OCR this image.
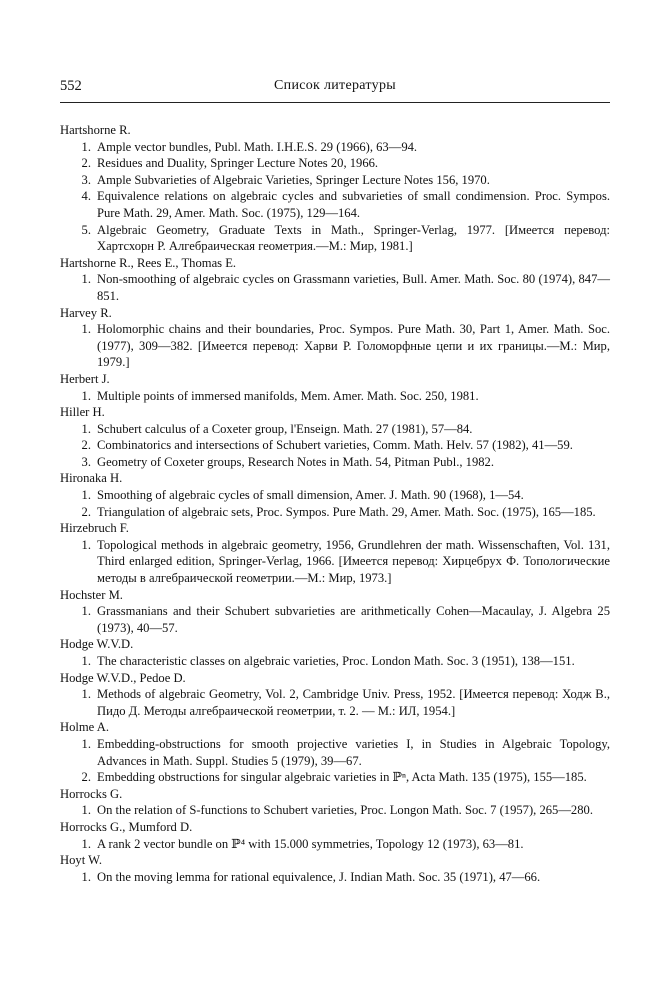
552	Список литературы
Hartshorne R.
1. Ample vector bundles, Publ. Math. I.H.E.S. 29 (1966), 63—94.
2. Residues and Duality, Springer Lecture Notes 20, 1966.
3. Ample Subvarieties of Algebraic Varieties, Springer Lecture Notes 156, 1970.
4. Equivalence relations on algebraic cycles and subvarieties of small condimension. Proc. Sympos. Pure Math. 29, Amer. Math. Soc. (1975), 129—164.
5. Algebraic Geometry, Graduate Texts in Math., Springer-Verlag, 1977. [Имеется перевод: Хартсхорн Р. Алгебраическая геометрия.—М.: Мир, 1981.]
Hartshorne R., Rees E., Thomas E.
1. Non-smoothing of algebraic cycles on Grassmann varieties, Bull. Amer. Math. Soc. 80 (1974), 847—851.
Harvey R.
1. Holomorphic chains and their boundaries, Proc. Sympos. Pure Math. 30, Part 1, Amer. Math. Soc. (1977), 309—382. [Имеется перевод: Харви Р. Голоморфные цепи и их границы.—М.: Мир, 1979.]
Herbert J.
1. Multiple points of immersed manifolds, Mem. Amer. Math. Soc. 250, 1981.
Hiller H.
1. Schubert calculus of a Coxeter group, l'Enseign. Math. 27 (1981), 57—84.
2. Combinatorics and intersections of Schubert varieties, Comm. Math. Helv. 57 (1982), 41—59.
3. Geometry of Coxeter groups, Research Notes in Math. 54, Pitman Publ., 1982.
Hironaka H.
1. Smoothing of algebraic cycles of small dimension, Amer. J. Math. 90 (1968), 1—54.
2. Triangulation of algebraic sets, Proc. Sympos. Pure Math. 29, Amer. Math. Soc. (1975), 165—185.
Hirzebruch F.
1. Topological methods in algebraic geometry, 1956, Grundlehren der math. Wissenschaften, Vol. 131, Third enlarged edition, Springer-Verlag, 1966. [Имеется перевод: Хирцебрух Ф. Топологические методы в алгебраической геометрии.—М.: Мир, 1973.]
Hochster M.
1. Grassmanians and their Schubert subvarieties are arithmetically Cohen—Macaulay, J. Algebra 25 (1973), 40—57.
Hodge W.V.D.
1. The characteristic classes on algebraic varieties, Proc. London Math. Soc. 3 (1951), 138—151.
Hodge W.V.D., Pedoe D.
1. Methods of algebraic Geometry, Vol. 2, Cambridge Univ. Press, 1952. [Имеется перевод: Ходж В., Пидо Д. Методы алгебраической геометрии, т. 2. — М.: ИЛ, 1954.]
Holme A.
1. Embedding-obstructions for smooth projective varieties I, in Studies in Algebraic Topology, Advances in Math. Suppl. Studies 5 (1979), 39—67.
2. Embedding obstructions for singular algebraic varieties in ℙⁿ, Acta Math. 135 (1975), 155—185.
Horrocks G.
1. On the relation of S-functions to Schubert varieties, Proc. Longon Math. Soc. 7 (1957), 265—280.
Horrocks G., Mumford D.
1. A rank 2 vector bundle on ℙ⁴ with 15.000 symmetries, Topology 12 (1973), 63—81.
Hoyt W.
1. On the moving lemma for rational equivalence, J. Indian Math. Soc. 35 (1971), 47—66.
